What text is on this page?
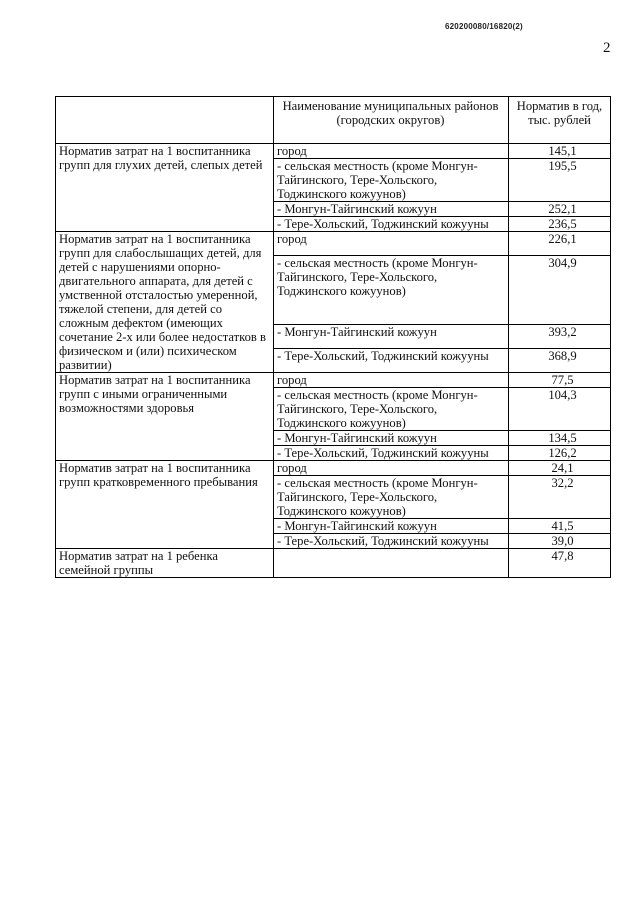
620200080/16820(2)
2
	Наименование муниципальных районов (городских округов)	Норматив в год, тыс. рублей
Норматив затрат на 1 воспитанника групп для глухих детей, слепых детей	город	145,1

	- сельская местность (кроме Монгун-Тайгинского, Тере-Хольского, Тоджинского кожуунов)	195,5

	- Монгун-Тайгинский кожуун	252,1

	- Тере-Хольский, Тоджинский кожууны	236,5

Норматив затрат на 1 воспитанника групп для слабослышащих детей, для детей с нарушениями опорно-двигательного аппарата, для детей с умственной отсталостью умеренной, тяжелой степени, для детей со сложным дефектом (имеющих сочетание 2-х или более недостатков в физическом и (или) психическом развитии)	город	226,1

	- сельская местность (кроме Монгун-Тайгинского, Тере-Хольского, Тоджинского кожуунов)	304,9

	- Монгун-Тайгинский кожуун	393,2

	- Тере-Хольский, Тоджинский кожууны	368,9

Норматив затрат на 1 воспитанника групп с иными ограниченными возможностями здоровья	город	77,5

	- сельская местность (кроме Монгун-Тайгинского, Тере-Хольского, Тоджинского кожуунов)	104,3

	- Монгун-Тайгинский кожуун	134,5

	- Тере-Хольский, Тоджинский кожууны	126,2

Норматив затрат на 1 воспитанника групп кратковременного пребывания	город	24,1

	- сельская местность (кроме Монгун-Тайгинского, Тере-Хольского, Тоджинского кожуунов)	32,2

	- Монгун-Тайгинский кожуун	41,5

	- Тере-Хольский, Тоджинский кожууны	39,0

Норматив затрат на 1 ребенка семейной группы		47,8
